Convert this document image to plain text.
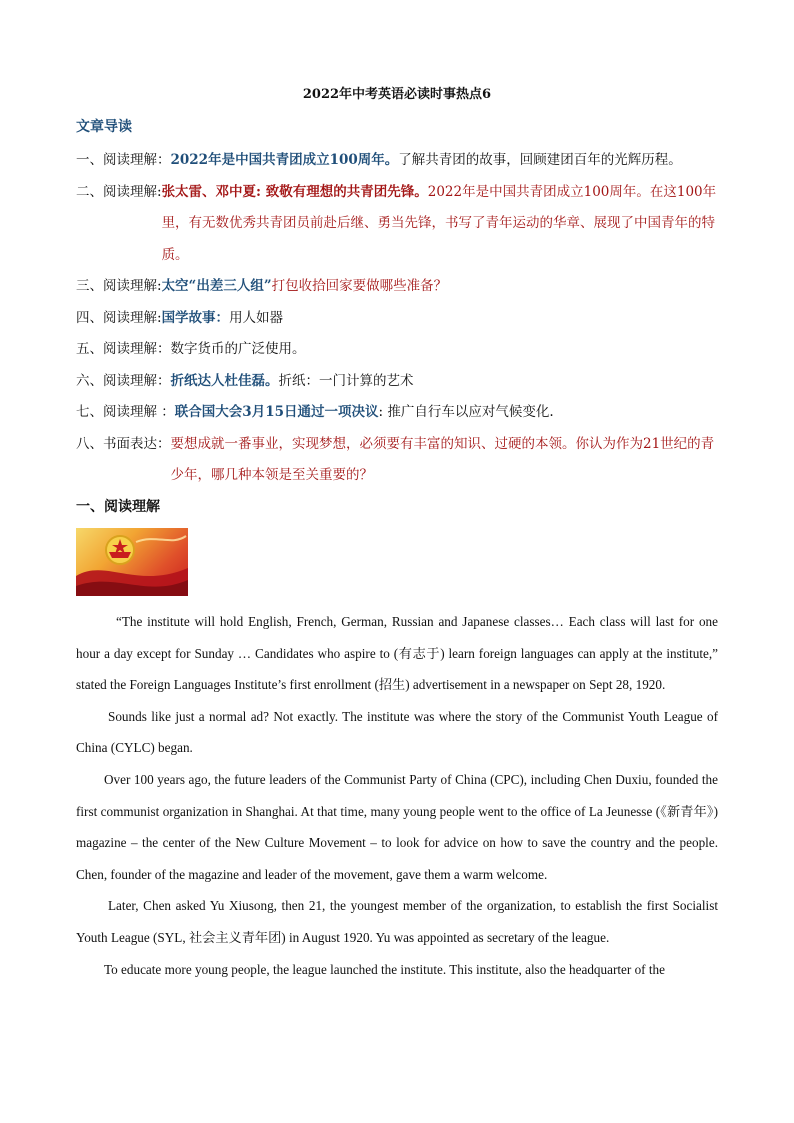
2022年中考英语必读时事热点6
文章导读
一、阅读理解： 2022年是中国共青团成立100周年。了解共青团的故事，回顾建团百年的光辉历程。
二、阅读理解: 张太雷、邓中夏: 致敬有理想的共青团先锋。2022年是中国共青团成立100周年。在这100年里，有无数优秀共青团员前赴后继、勇当先锋，书写了青年运动的华章、展现了中国青年的特质。
三、阅读理解: 太空“出差三人组”打包收拾回家要做哪些准备？
四、阅读理解: 国学故事：用人如器
五、阅读理解： 数字货币的广泛使用。
六、阅读理解： 折纸达人杜佳磊。折纸：一门计算的艺术
七、阅读理解 ： 联合国大会3月15日通过一项决议: 推广自行车以应对气候变化.
八、书面表达： 要想成就一番事业，实现梦想，必须要有丰富的知识、过硬的本领。你认为作为21世纪的青少年，哪几种本领是至关重要的？
一、阅读理解

“The institute will hold English, French, German, Russian and Japanese classes… Each class will last for one hour a day except for Sunday … Candidates who aspire to (有志于) learn foreign languages can apply at the institute,” stated the Foreign Languages Institute’s first enrollment (招生) advertisement in a newspaper on Sept 28, 1920.

Sounds like just a normal ad? Not exactly. The institute was where the story of the Communist Youth League of China (CYLC) began.

Over 100 years ago, the future leaders of the Communist Party of China (CPC), including Chen Duxiu, founded the first communist organization in Shanghai. At that time, many young people went to the office of La Jeunesse (《新青年》) magazine – the center of the New Culture Movement – to look for advice on how to save the country and the people. Chen, founder of the magazine and leader of the movement, gave them a warm welcome.

Later, Chen asked Yu Xiusong, then 21, the youngest member of the organization, to establish the first Socialist Youth League (SYL, 社会主义青年团) in August 1920. Yu was appointed as secretary of the league.

To educate more young people, the league launched the institute. This institute, also the headquarter of the
